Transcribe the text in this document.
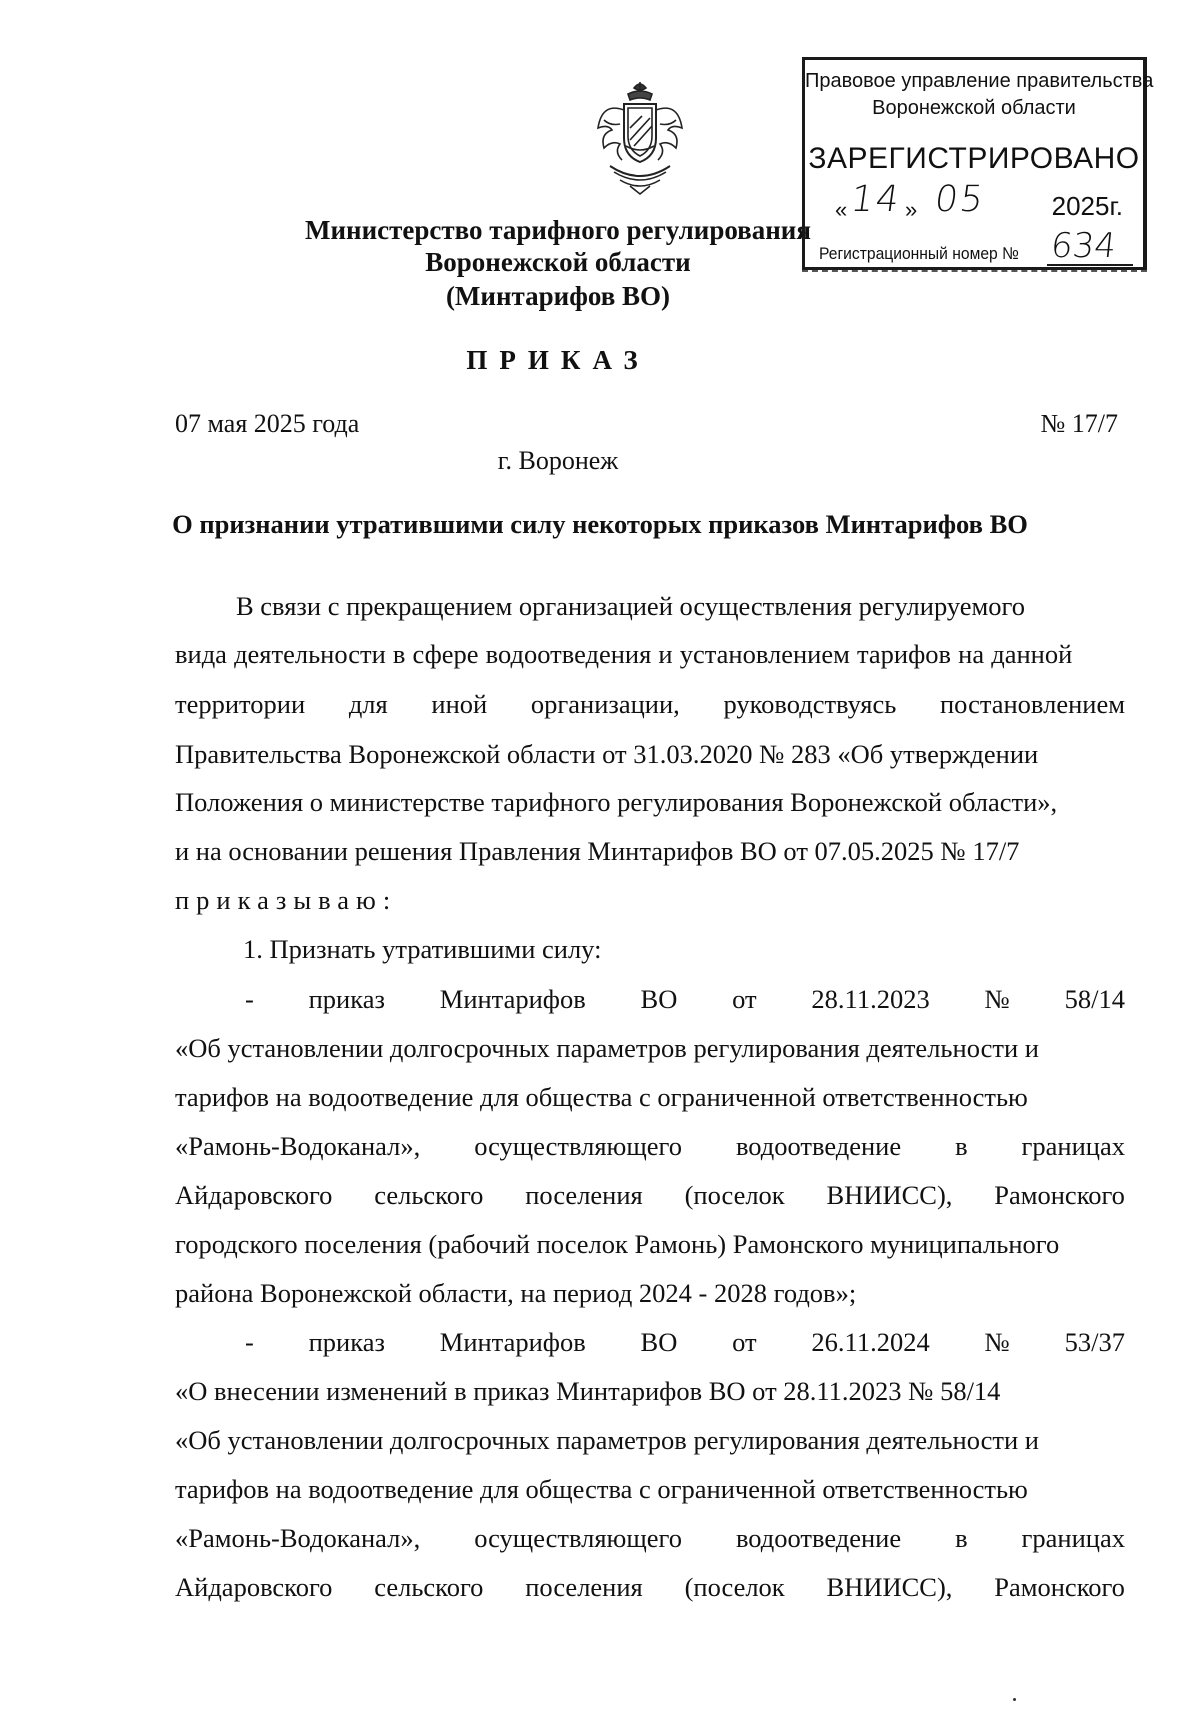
Правовое управление правительства
Воронежской области
ЗАРЕГИСТРИРОВАНО
« 14 » 05 2025г.
Регистрационный номер № 634
Министерство тарифного регулирования
Воронежской области
(Минтарифов ВО)
ПРИКАЗ
07 мая 2025 года	№ 17/7
г. Воронеж
О признании утратившими силу некоторых приказов Минтарифов ВО
В связи с прекращением организацией осуществления регулируемого
вида деятельности в сфере водоотведения и установлением тарифов на данной
территории для иной организации, руководствуясь постановлением
Правительства Воронежской области от 31.03.2020 № 283 «Об утверждении
Положения о министерстве тарифного регулирования Воронежской области»,
и на основании решения Правления Минтарифов ВО от 07.05.2025 № 17/7
приказываю:
1. Признать утратившими силу:
- приказ Минтарифов ВО от 28.11.2023 № 58/14
«Об установлении долгосрочных параметров регулирования деятельности и
тарифов на водоотведение для общества с ограниченной ответственностью
«Рамонь-Водоканал», осуществляющего водоотведение в границах
Айдаровского сельского поселения (поселок ВНИИСС), Рамонского
городского поселения (рабочий поселок Рамонь) Рамонского муниципального
района Воронежской области, на период 2024 - 2028 годов»;
- приказ Минтарифов ВО от 26.11.2024 № 53/37
«О внесении изменений в приказ Минтарифов ВО от 28.11.2023 № 58/14
«Об установлении долгосрочных параметров регулирования деятельности и
тарифов на водоотведение для общества с ограниченной ответственностью
«Рамонь-Водоканал», осуществляющего водоотведение в границах
Айдаровского сельского поселения (поселок ВНИИСС), Рамонского
